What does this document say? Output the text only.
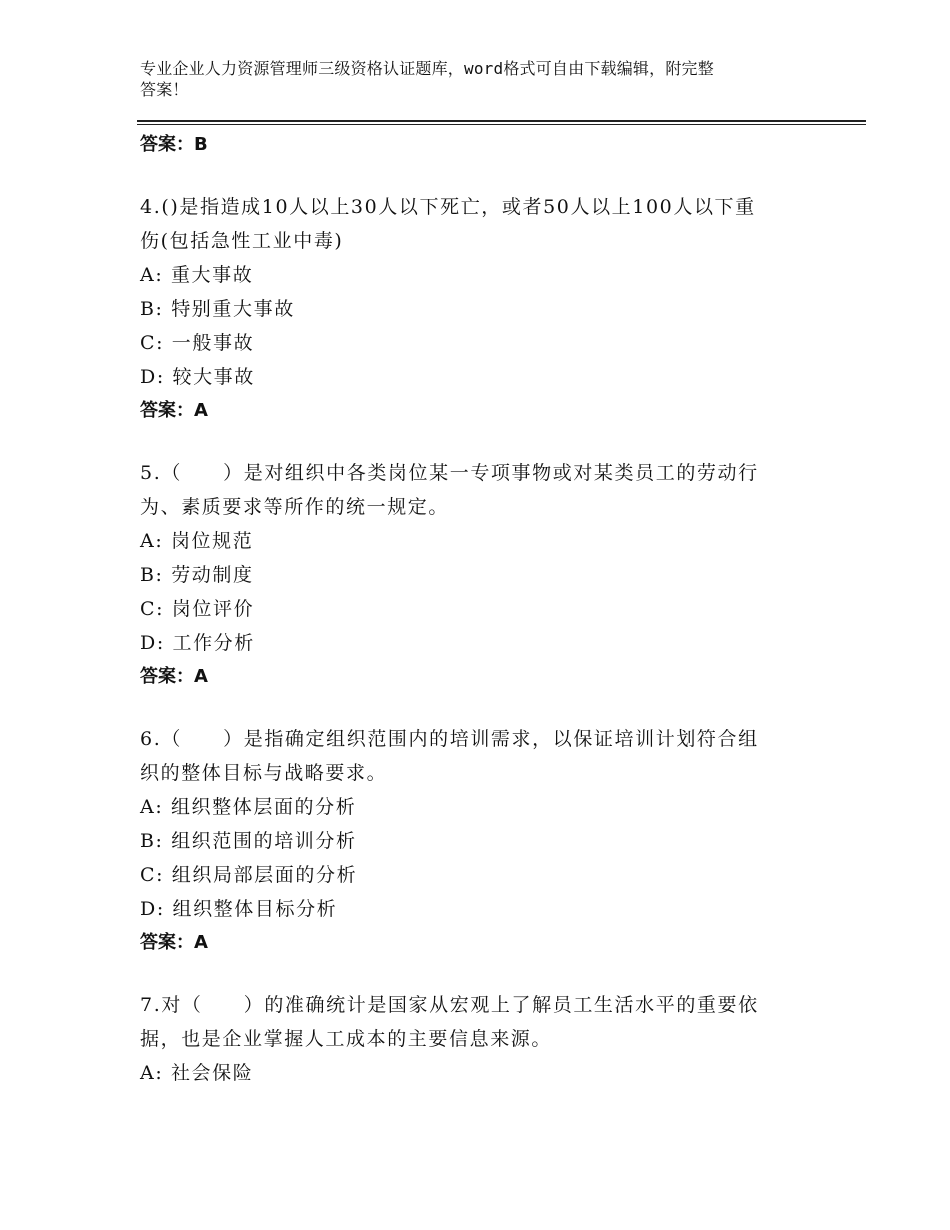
专业企业人力资源管理师三级资格认证题库，word格式可自由下载编辑，附完整
答案！
答案：B
4.()是指造成10人以上30人以下死亡，或者50人以上100人以下重
伤(包括急性工业中毒)
A: 重大事故
B: 特别重大事故
C: 一般事故
D: 较大事故
答案：A
5.（　　）是对组织中各类岗位某一专项事物或对某类员工的劳动行
为、素质要求等所作的统一规定。
A: 岗位规范
B: 劳动制度
C: 岗位评价
D: 工作分析
答案：A
6.（　　）是指确定组织范围内的培训需求，以保证培训计划符合组
织的整体目标与战略要求。
A: 组织整体层面的分析
B: 组织范围的培训分析
C: 组织局部层面的分析
D: 组织整体目标分析
答案：A
7.对（　　）的准确统计是国家从宏观上了解员工生活水平的重要依
据，也是企业掌握人工成本的主要信息来源。
A: 社会保险
